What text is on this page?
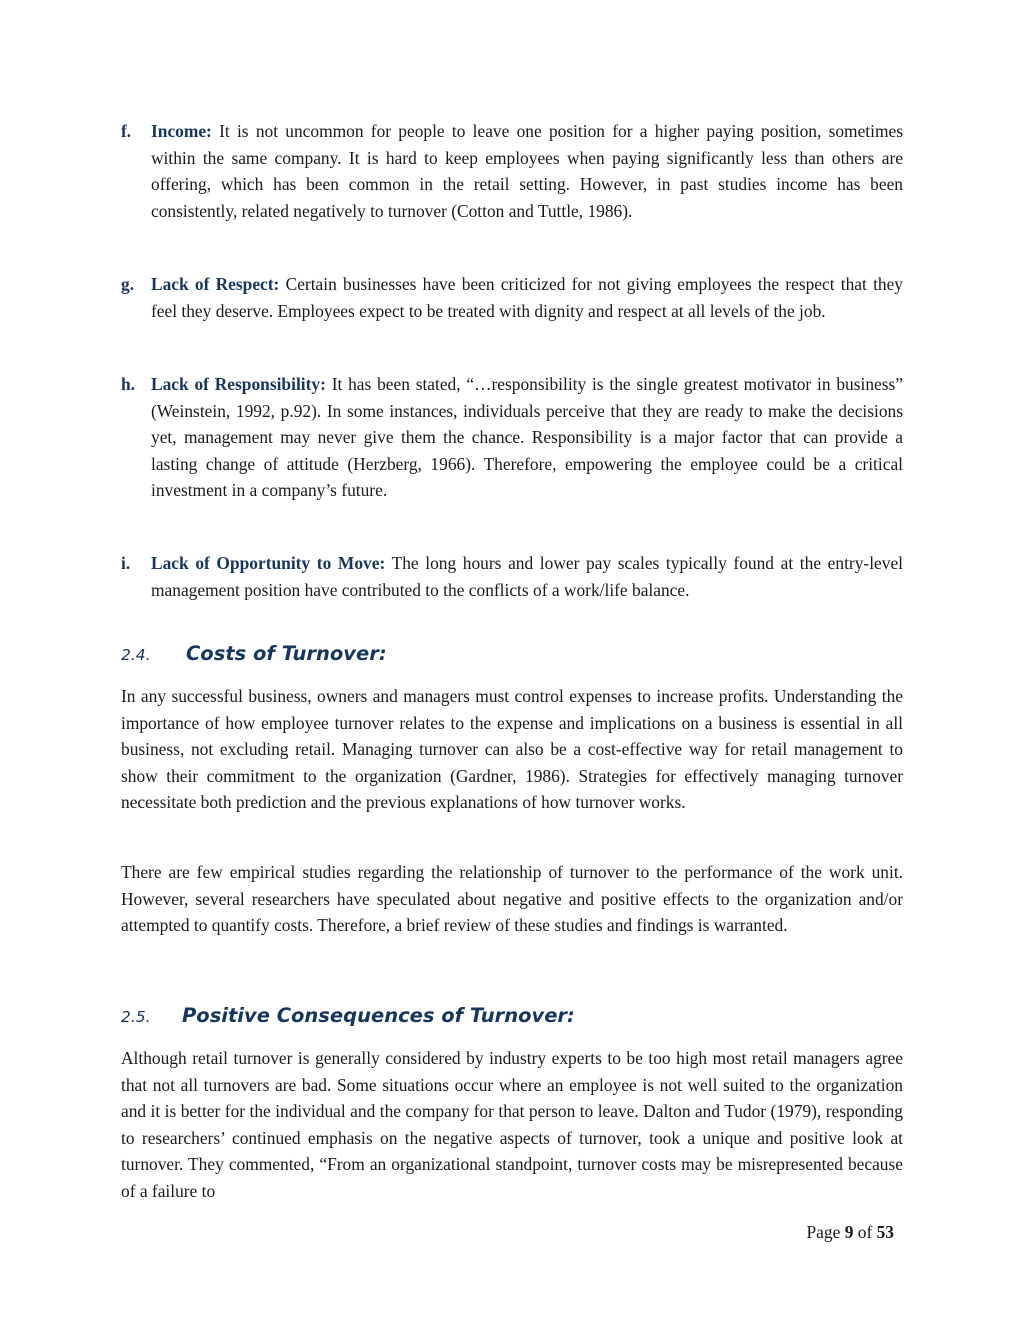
f. Income: It is not uncommon for people to leave one position for a higher paying position, sometimes within the same company. It is hard to keep employees when paying significantly less than others are offering, which has been common in the retail setting. However, in past studies income has been consistently, related negatively to turnover (Cotton and Tuttle, 1986).
g. Lack of Respect: Certain businesses have been criticized for not giving employees the respect that they feel they deserve. Employees expect to be treated with dignity and respect at all levels of the job.
h. Lack of Responsibility: It has been stated, “…responsibility is the single greatest motivator in business” (Weinstein, 1992, p.92). In some instances, individuals perceive that they are ready to make the decisions yet, management may never give them the chance. Responsibility is a major factor that can provide a lasting change of attitude (Herzberg, 1966). Therefore, empowering the employee could be a critical investment in a company’s future.
i. Lack of Opportunity to Move: The long hours and lower pay scales typically found at the entry-level management position have contributed to the conflicts of a work/life balance.
2.4. Costs of Turnover:
In any successful business, owners and managers must control expenses to increase profits. Understanding the importance of how employee turnover relates to the expense and implications on a business is essential in all business, not excluding retail. Managing turnover can also be a cost-effective way for retail management to show their commitment to the organization (Gardner, 1986). Strategies for effectively managing turnover necessitate both prediction and the previous explanations of how turnover works.
There are few empirical studies regarding the relationship of turnover to the performance of the work unit. However, several researchers have speculated about negative and positive effects to the organization and/or attempted to quantify costs. Therefore, a brief review of these studies and findings is warranted.
2.5. Positive Consequences of Turnover:
Although retail turnover is generally considered by industry experts to be too high most retail managers agree that not all turnovers are bad. Some situations occur where an employee is not well suited to the organization and it is better for the individual and the company for that person to leave. Dalton and Tudor (1979), responding to researchers’ continued emphasis on the negative aspects of turnover, took a unique and positive look at turnover. They commented, “From an organizational standpoint, turnover costs may be misrepresented because of a failure to
Page 9 of 53
